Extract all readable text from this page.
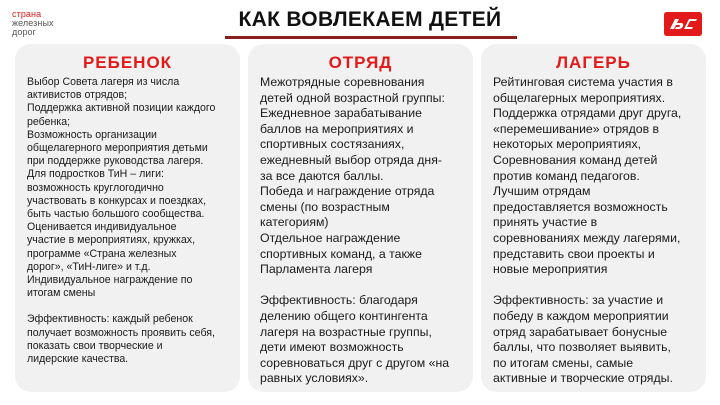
страна
железных
дорог
КАК ВОВЛЕКАЕМ ДЕТЕЙ
РЕБЕНОК
Выбор Совета лагеря из числа
активистов отрядов;
Поддержка активной позиции каждого
ребенка;
Возможность организации
общелагерного мероприятия детьми
при поддержке руководства лагеря.
Для подростков ТиН – лиги:
возможность круглогодично
участвовать в конкурсах и поездках,
быть частью большого сообщества.
Оценивается индивидуальное
участие в мероприятиях, кружках,
программе «Страна железных
дорог», «ТиН-лиге» и т.д.
Индивидуальное награждение по
итогам смены
Эффективность: каждый ребенок
получает возможность проявить себя,
показать свои творческие и
лидерские качества.
ОТРЯД
Межотрядные соревнования
детей одной возрастной группы:
Ежедневное зарабатывание
баллов на мероприятиях и
спортивных состязаниях,
ежедневный выбор отряда дня-
за все даются баллы.
Победа и награждение отряда
смены (по возрастным
категориям)
Отдельное награждение
спортивных команд, а также
Парламента лагеря
Эффективность: благодаря
делению общего контингента
лагеря на возрастные группы,
дети имеют возможность
соревноваться друг с другом «на
равных условиях».
ЛАГЕРЬ
Рейтинговая система участия в
общелагерных мероприятиях.
Поддержка отрядами друг друга,
«перемешивание» отрядов в
некоторых мероприятиях,
Соревнования команд детей
против команд педагогов.
Лучшим отрядам
предоставляется возможность
принять участие в
соревнованиях между лагерями,
представить свои проекты и
новые мероприятия
Эффективность: за участие и
победу в каждом мероприятии
отряд зарабатывает бонусные
баллы, что позволяет выявить,
по итогам смены, самые
активные и творческие отряды.
